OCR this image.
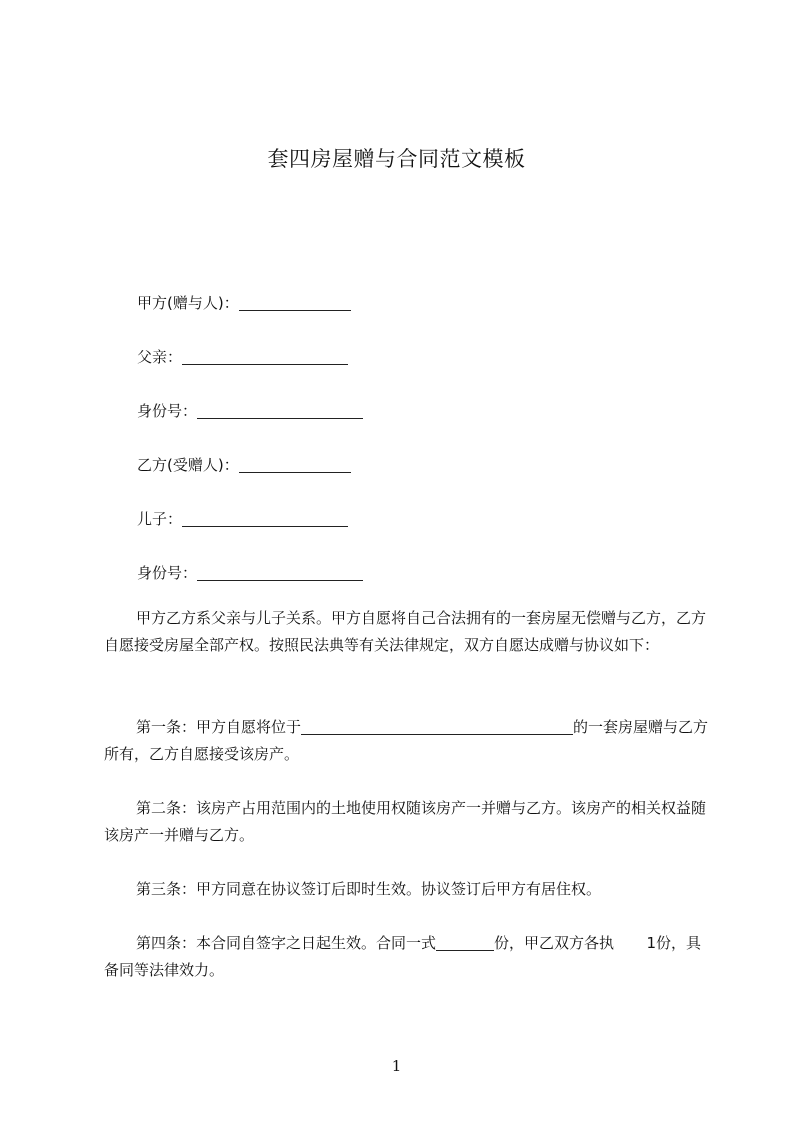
套四房屋赠与合同范文模板
甲方(赠与人)：
父亲：
身份号：
乙方(受赠人)：
儿子：
身份号：
甲方乙方系父亲与儿子关系。甲方自愿将自己合法拥有的一套房屋无偿赠与乙方，乙方自愿接受房屋全部产权。按照民法典等有关法律规定，双方自愿达成赠与协议如下：
第一条：甲方自愿将位于	的一套房屋赠与乙方所有，乙方自愿接受该房产。
第二条：该房产占用范围内的土地使用权随该房产一并赠与乙方。该房产的相关权益随该房产一并赠与乙方。
第三条：甲方同意在协议签订后即时生效。协议签订后甲方有居住权。
第四条：本合同自签字之日起生效。合同一式	份，甲乙双方各执 1份，具备同等法律效力。
1
